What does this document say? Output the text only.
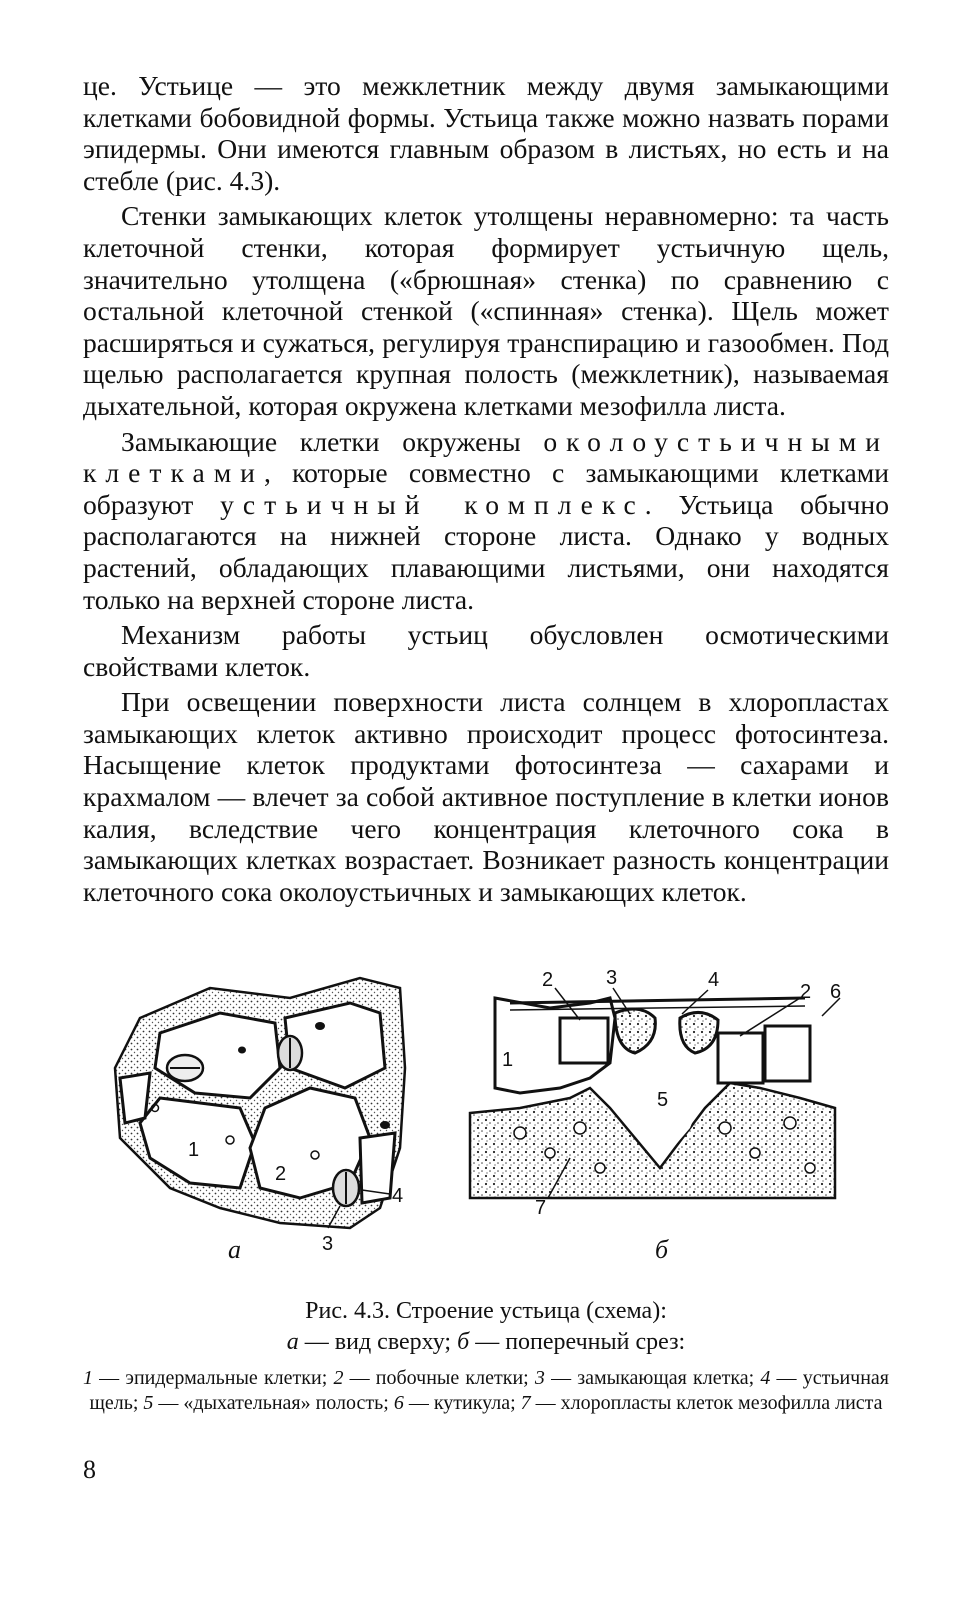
це. Устьице — это межклетник между двумя замыкающими клетками бобовидной формы. Устьица также можно назвать порами эпидермы. Они имеются главным образом в листьях, но есть и на стебле (рис. 4.3).

Стенки замыкающих клеток утолщены неравномерно: та часть клеточной стенки, которая формирует устьичную щель, значительно утолщена («брюшная» стенка) по сравнению с остальной клеточной стенкой («спинная» стенка). Щель может расширяться и сужаться, регулируя транспирацию и газообмен. Под щелью располагается крупная полость (межклетник), называемая дыхательной, которая окружена клетками мезофилла листа.

Замыкающие клетки окружены околоустьичными клетками, которые совместно с замыкающими клетками образуют устьичный комплекс. Устьица обычно располагаются на нижней стороне листа. Однако у водных растений, обладающих плавающими листьями, они находятся только на верхней стороне листа.

Механизм работы устьиц обусловлен осмотическими свойствами клеток.

При освещении поверхности листа солнцем в хлоропластах замыкающих клеток активно происходит процесс фотосинтеза. Насыщение клеток продуктами фотосинтеза — сахарами и крахмалом — влечет за собой активное поступление в клетки ионов калия, вследствие чего концентрация клеточного сока в замыкающих клетках возрастает. Возникает разность концентрации клеточного сока околоустьичных и замыкающих клеток.

1
2
3
4
а
1
2	3	4
2 6
5
7
б
Рис. 4.3. Строение устьица (схема):
а — вид сверху; б — поперечный срез:
1 — эпидермальные клетки; 2 — побочные клетки; 3 — замыкающая клетка; 4 — устьичная щель; 5 — «дыхательная» полость; 6 — кутикула; 7 — хлоропласты клеток мезофилла листа
8
